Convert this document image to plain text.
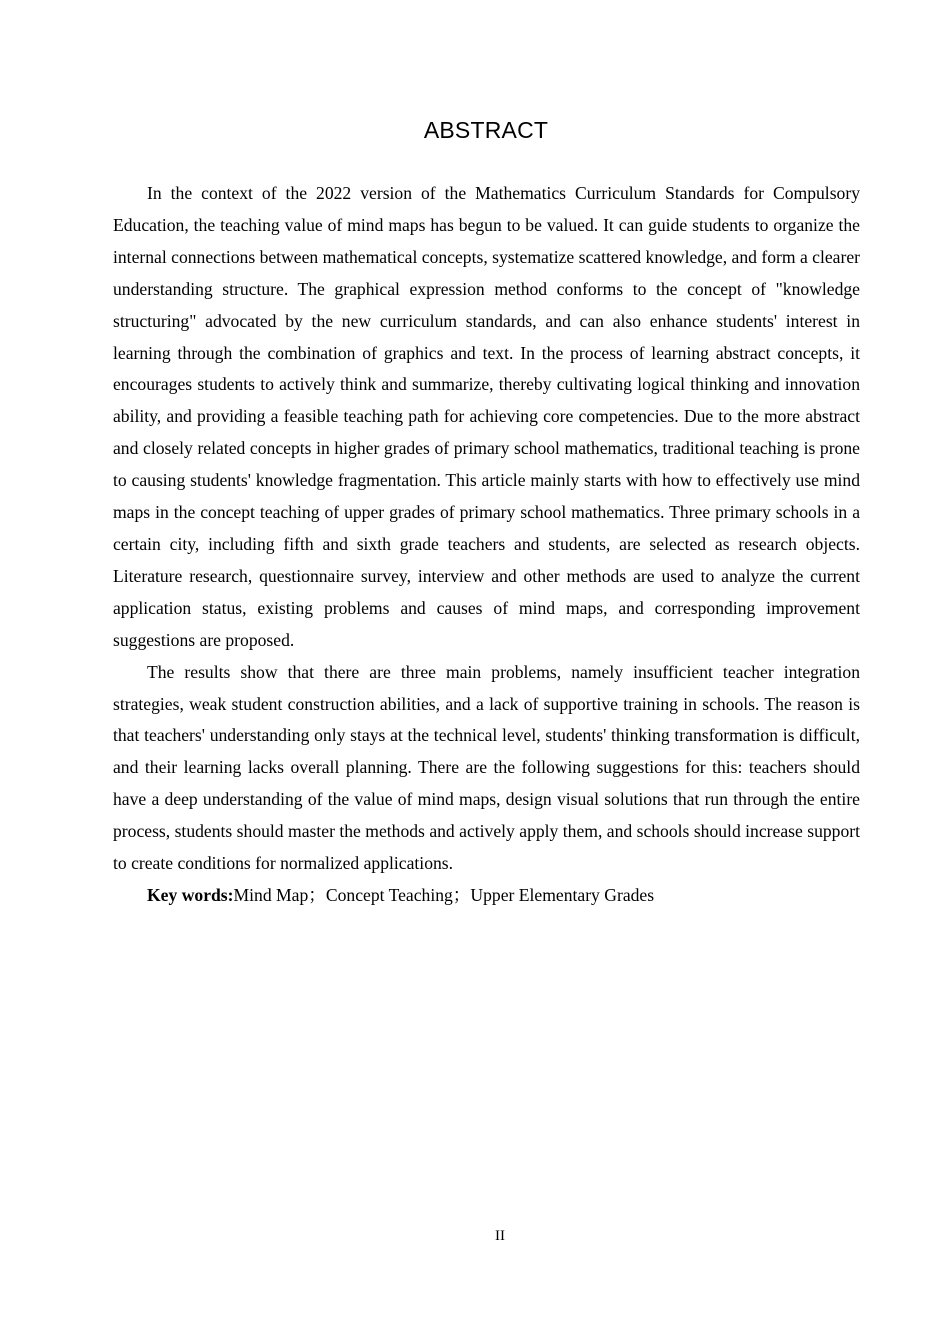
ABSTRACT

In the context of the 2022 version of the Mathematics Curriculum Standards for Compulsory Education, the teaching value of mind maps has begun to be valued. It can guide students to organize the internal connections between mathematical concepts, systematize scattered knowledge, and form a clearer understanding structure. The graphical expression method conforms to the concept of "knowledge structuring" advocated by the new curriculum standards, and can also enhance students' interest in learning through the combination of graphics and text. In the process of learning abstract concepts, it encourages students to actively think and summarize, thereby cultivating logical thinking and innovation ability, and providing a feasible teaching path for achieving core competencies. Due to the more abstract and closely related concepts in higher grades of primary school mathematics, traditional teaching is prone to causing students' knowledge fragmentation. This article mainly starts with how to effectively use mind maps in the concept teaching of upper grades of primary school mathematics. Three primary schools in a certain city, including fifth and sixth grade teachers and students, are selected as research objects. Literature research, questionnaire survey, interview and other methods are used to analyze the current application status, existing problems and causes of mind maps, and corresponding improvement suggestions are proposed.

The results show that there are three main problems, namely insufficient teacher integration strategies, weak student construction abilities, and a lack of supportive training in schools. The reason is that teachers' understanding only stays at the technical level, students' thinking transformation is difficult, and their learning lacks overall planning. There are the following suggestions for this: teachers should have a deep understanding of the value of mind maps, design visual solutions that run through the entire process, students should master the methods and actively apply them, and schools should increase support to create conditions for normalized applications.

Key words:Mind Map；Concept Teaching；Upper Elementary Grades

II
